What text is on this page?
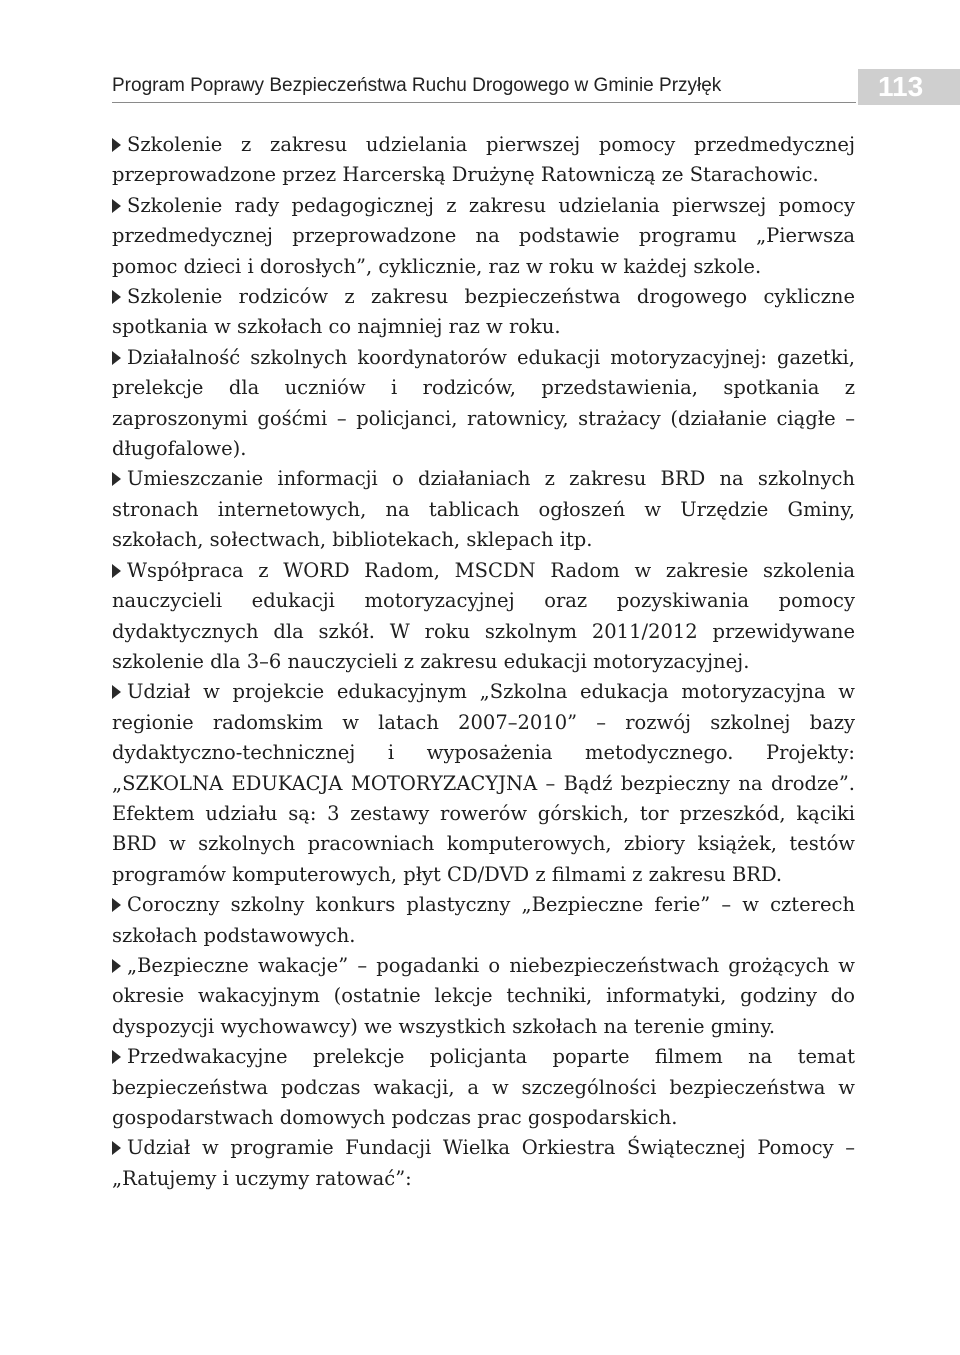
Program Poprawy Bezpieczeństwa Ruchu Drogowego w Gminie Przyłęk	113

Szkolenie z zakresu udzielania pierwszej pomocy przedmedycznej przeprowadzone przez Harcerską Drużynę Ratowniczą ze Starachowic.

Szkolenie rady pedagogicznej z zakresu udzielania pierwszej pomocy przedmedycznej przeprowadzone na podstawie programu „Pierwsza pomoc dzieci i dorosłych”, cyklicznie, raz w roku w każdej szkole.

Szkolenie rodziców z zakresu bezpieczeństwa drogowego cykliczne spotkania w szkołach co najmniej raz w roku.

Działalność szkolnych koordynatorów edukacji motoryzacyjnej: gazetki, prelekcje dla uczniów i rodziców, przedstawienia, spotkania z zaproszonymi gośćmi – policjanci, ratownicy, strażacy (działanie ciągłe – długofalowe).

Umieszczanie informacji o działaniach z zakresu BRD na szkolnych stronach internetowych, na tablicach ogłoszeń w Urzędzie Gminy, szkołach, sołectwach, bibliotekach, sklepach itp.

Współpraca z WORD Radom, MSCDN Radom w zakresie szkolenia nauczycieli edukacji motoryzacyjnej oraz pozyskiwania pomocy dydaktycznych dla szkół. W roku szkolnym 2011/2012 przewidywane szkolenie dla 3–6 nauczycieli z zakresu edukacji motoryzacyjnej.

Udział w projekcie edukacyjnym „Szkolna edukacja motoryzacyjna w regionie radomskim w latach 2007–2010” – rozwój szkolnej bazy dydaktyczno-technicznej i wyposażenia metodycznego. Projekty: „SZKOLNA EDUKACJA MOTORYZACYJNA – Bądź bezpieczny na drodze”. Efektem udziału są: 3 zestawy rowerów górskich, tor przeszkód, kąciki BRD w szkolnych pracowniach komputerowych, zbiory książek, testów programów komputerowych, płyt CD/DVD z filmami z zakresu BRD.

Coroczny szkolny konkurs plastyczny „Bezpieczne ferie” – w czterech szkołach podstawowych.

„Bezpieczne wakacje” – pogadanki o niebezpieczeństwach grożących w okresie wakacyjnym (ostatnie lekcje techniki, informatyki, godziny do dyspozycji wychowawcy) we wszystkich szkołach na terenie gminy.

Przedwakacyjne prelekcje policjanta poparte filmem na temat bezpieczeństwa podczas wakacji, a w szczególności bezpieczeństwa w gospodarstwach domowych podczas prac gospodarskich.

Udział w programie Fundacji Wielka Orkiestra Świątecznej Pomocy – „Ratujemy i uczymy ratować”:
